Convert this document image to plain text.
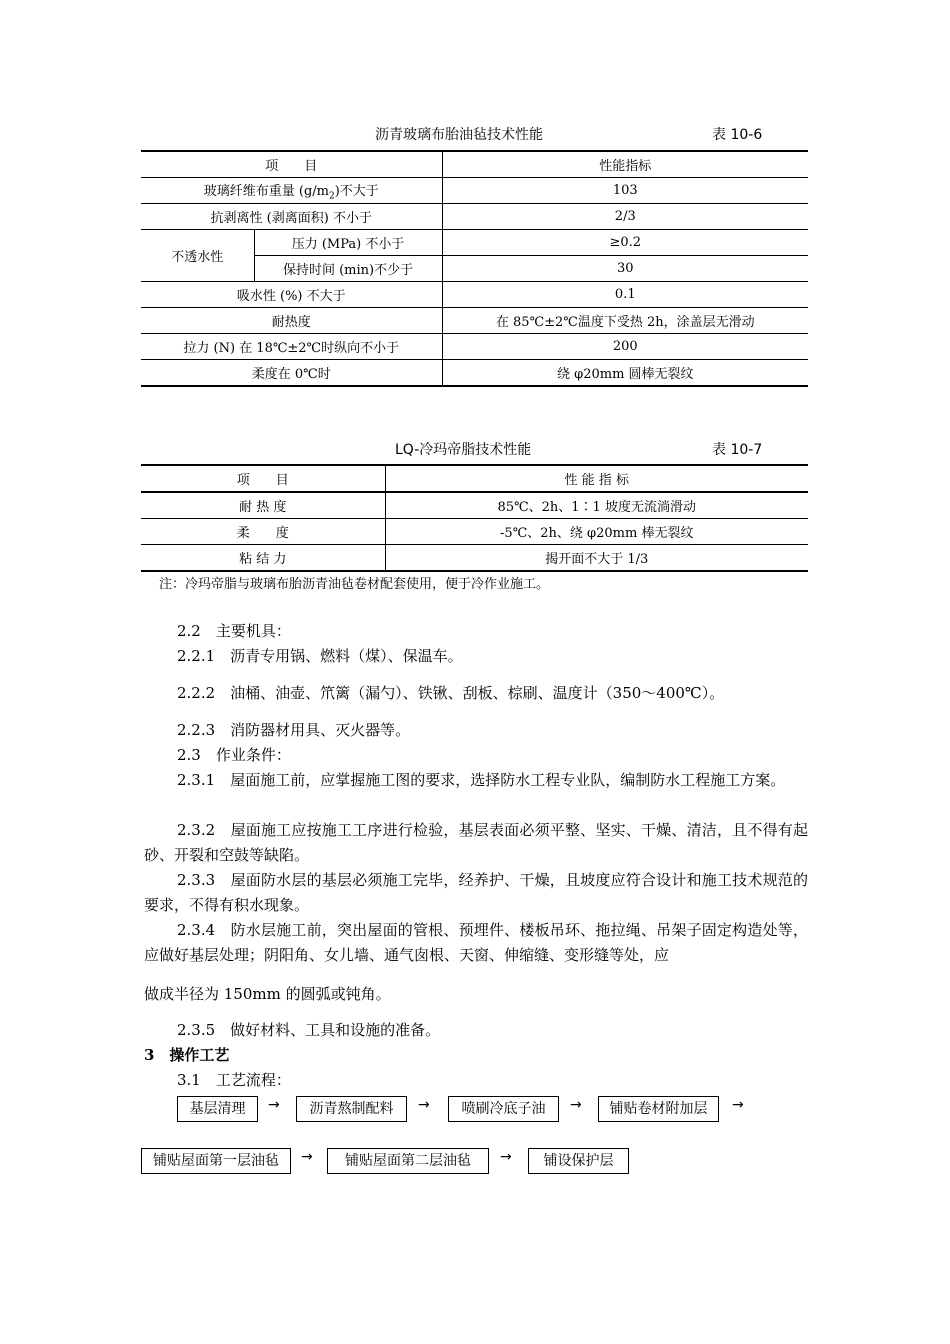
沥青玻璃布胎油毡技术性能	表 10-6
项　　目		性能指标
玻璃纤维布重量 $(g/m_2)$不大于		103
抗剥离性 (剥离面积) 不小于		2/3
不透水性	压力 (MPa) 不小于	≥0.2
	保持时间 (min)不少于	30
吸水性 (%) 不大于		0.1
耐热度		在 85℃±2℃温度下受热 2h，涂盖层无滑动
拉力 (N) 在 18℃±2℃时纵向不小于		200
柔度在 0℃时		绕 φ20mm 圆棒无裂纹
LQ-冷玛帝脂技术性能	表 10-7
项　　目	性 能 指 标
耐 热 度	85℃、2h、1∶1 坡度无流淌滑动
柔　　度	-5℃、2h、绕 φ20mm 棒无裂纹
粘 结 力	揭开面不大于 1/3
注：冷玛帝脂与玻璃布胎沥青油毡卷材配套使用，便于冷作业施工。
2.2　主要机具：
2.2.1　沥青专用锅、燃料（煤）、保温车。
2.2.2　油桶、油壶、笊篱（漏勺）、铁锹、刮板、棕刷、温度计（350～400℃）。
2.2.3　消防器材用具、灭火器等。
2.3　作业条件：
2.3.1　 屋面施工前，应掌握施工图的要求，选择防水工程专业队，编制防水工程施工方案。
2.3.2　 屋面施工应按施工工序进行检验，基层表面必须平整、坚实、干燥、清洁，且不得有起砂、开裂和空鼓等缺陷。
2.3.3　 屋面防水层的基层必须施工完毕，经养护、干燥，且坡度应符合设计和施工技术规范的要求，不得有积水现象。
2.3.4　 防水层施工前，突出屋面的管根、预埋件、楼板吊环、拖拉绳、吊架子固定构造处等，应做好基层处理；阴阳角、女儿墙、通气囱根、天窗、伸缩缝、变形缝等处，应
做成半径为 150mm 的圆弧或钝角。
2.3.5　做好材料、工具和设施的准备。
3　操作工艺
3.1　工艺流程：
基层清理	→	沥青熬制配料	→	喷刷冷底子油	→	铺贴卷材附加层	→
铺贴屋面第一层油毡	→	铺贴屋面第二层油毡	→	铺设保护层
